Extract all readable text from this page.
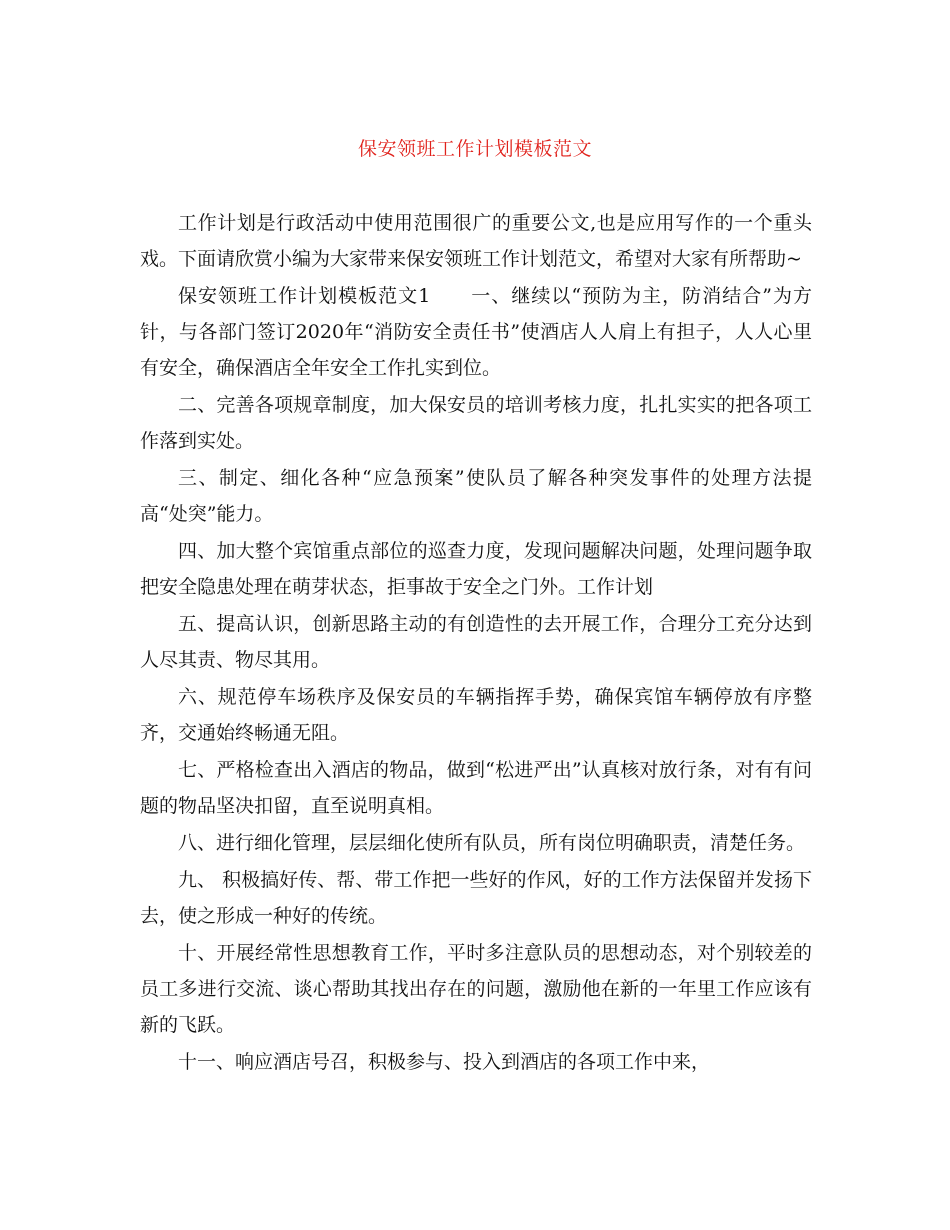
保安领班工作计划模板范文

工作计划是行政活动中使用范围很广的重要公文,也是应用写作的一个重头戏。下面请欣赏小编为大家带来保安领班工作计划范文，希望对大家有所帮助~

保安领班工作计划模板范文1 一、继续以“预防为主，防消结合”为方针，与各部门签订2020年“消防安全责任书”使酒店人人肩上有担子，人人心里有安全，确保酒店全年安全工作扎实到位。

二、完善各项规章制度，加大保安员的培训考核力度，扎扎实实的把各项工作落到实处。

三、制定、细化各种“应急预案”使队员了解各种突发事件的处理方法提高“处突”能力。

四、加大整个宾馆重点部位的巡查力度，发现问题解决问题，处理问题争取把安全隐患处理在萌芽状态，拒事故于安全之门外。工作计划

五、提高认识，创新思路主动的有创造性的去开展工作，合理分工充分达到人尽其责、物尽其用。

六、规范停车场秩序及保安员的车辆指挥手势，确保宾馆车辆停放有序整齐，交通始终畅通无阻。

七、严格检查出入酒店的物品，做到“松进严出”认真核对放行条，对有有问题的物品坚决扣留，直至说明真相。

八、进行细化管理，层层细化使所有队员，所有岗位明确职责，清楚任务。

九、 积极搞好传、帮、带工作把一些好的作风，好的工作方法保留并发扬下去，使之形成一种好的传统。

十、开展经常性思想教育工作，平时多注意队员的思想动态，对个别较差的员工多进行交流、谈心帮助其找出存在的问题，激励他在新的一年里工作应该有新的飞跃。

十一、响应酒店号召，积极参与、投入到酒店的各项工作中来，
